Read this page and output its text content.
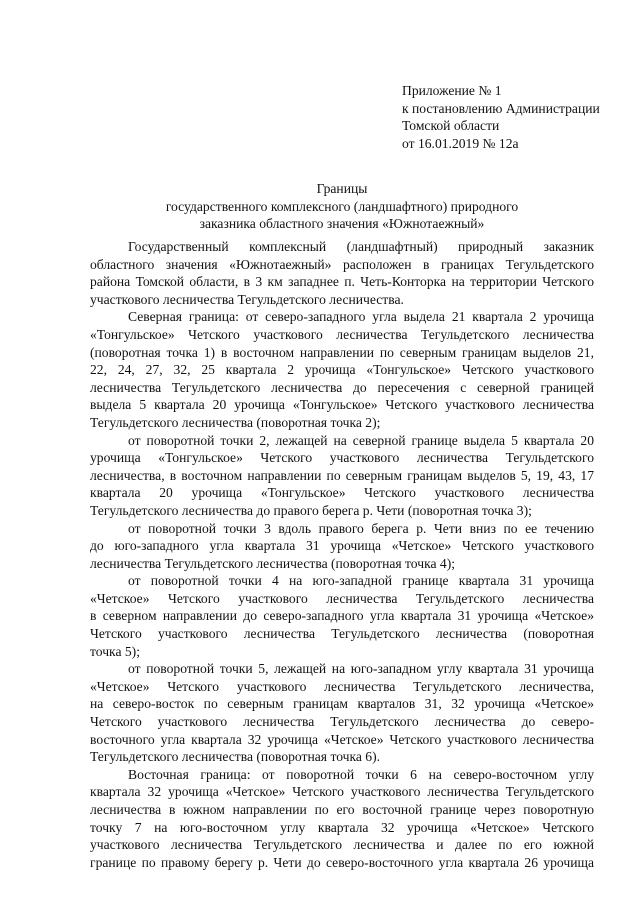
Приложение № 1
к постановлению Администрации
Томской области
от 16.01.2019 № 12а
Границы
государственного комплексного (ландшафтного) природного
заказника областного значения «Южнотаежный»
Государственный комплексный (ландшафтный) природный заказник
областного значения «Южнотаежный» расположен в границах Тегульдетского
района Томской области, в 3 км западнее п. Четь-Конторка на территории Четского
участкового лесничества Тегульдетского лесничества.
Северная граница: от северо-западного угла выдела 21 квартала 2 урочища
«Тонгульское» Четского участкового лесничества Тегульдетского лесничества
(поворотная точка 1) в восточном направлении по северным границам выделов 21,
22, 24, 27, 32, 25 квартала 2 урочища «Тонгульское» Четского участкового
лесничества Тегульдетского лесничества до пересечения с северной границей
выдела 5 квартала 20 урочища «Тонгульское» Четского участкового лесничества
Тегульдетского лесничества (поворотная точка 2);
от поворотной точки 2, лежащей на северной границе выдела 5 квартала 20
урочища «Тонгульское» Четского участкового лесничества Тегульдетского
лесничества, в восточном направлении по северным границам выделов 5, 19, 43, 17
квартала 20 урочища «Тонгульское» Четского участкового лесничества
Тегульдетского лесничества до правого берега р. Чети (поворотная точка 3);
от поворотной точки 3 вдоль правого берега р. Чети вниз по ее течению
до юго-западного угла квартала 31 урочища «Четское» Четского участкового
лесничества Тегульдетского лесничества (поворотная точка 4);
от поворотной точки 4 на юго-западной границе квартала 31 урочища
«Четское» Четского участкового лесничества Тегульдетского лесничества
в северном направлении до северо-западного угла квартала 31 урочища «Четское»
Четского участкового лесничества Тегульдетского лесничества (поворотная
точка 5);
от поворотной точки 5, лежащей на юго-западном углу квартала 31 урочища
«Четское» Четского участкового лесничества Тегульдетского лесничества,
на северо-восток по северным границам кварталов 31, 32 урочища «Четское»
Четского участкового лесничества Тегульдетского лесничества до северо-
восточного угла квартала 32 урочища «Четское» Четского участкового лесничества
Тегульдетского лесничества (поворотная точка 6).
Восточная граница: от поворотной точки 6 на северо-восточном углу
квартала 32 урочища «Четское» Четского участкового лесничества Тегульдетского
лесничества в южном направлении по его восточной границе через поворотную
точку 7 на юго-восточном углу квартала 32 урочища «Четское» Четского
участкового лесничества Тегульдетского лесничества и далее по его южной
границе по правому берегу р. Чети до северо-восточного угла квартала 26 урочища
